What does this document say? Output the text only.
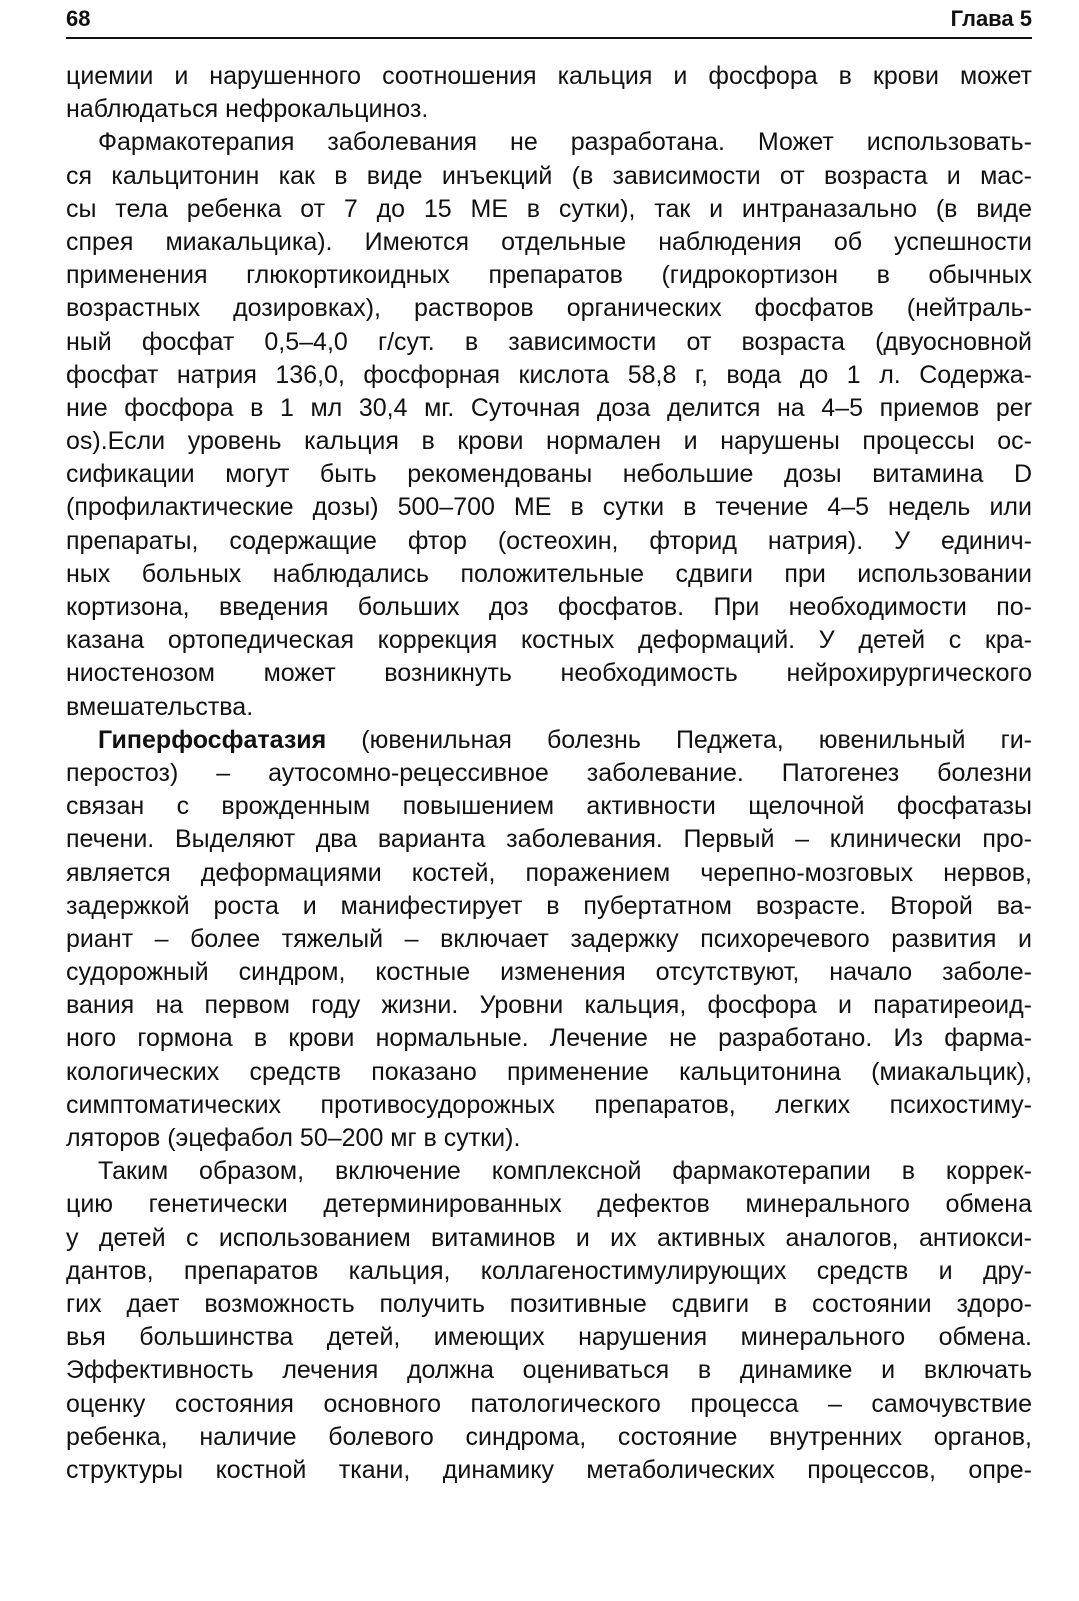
68	Глава 5
циемии и нарушенного соотношения кальция и фосфора в крови может
наблюдаться нефрокальциноз.
Фармакотерапия заболевания не разработана. Может использовать-
ся кальцитонин как в виде инъекций (в зависимости от возраста и мас-
сы тела ребенка от 7 до 15 МЕ в сутки), так и интраназально (в виде
спрея миакальцика). Имеются отдельные наблюдения об успешности
применения глюкортикоидных препаратов (гидрокортизон в обычных
возрастных дозировках), растворов органических фосфатов (нейтраль-
ный фосфат 0,5–4,0 г/сут. в зависимости от возраста (двуосновной
фосфат натрия 136,0, фосфорная кислота 58,8 г, вода до 1 л. Содержа-
ние фосфора в 1 мл 30,4 мг. Суточная доза делится на 4–5 приемов per
os).Если уровень кальция в крови нормален и нарушены процессы ос-
сификации могут быть рекомендованы небольшие дозы витамина D
(профилактические дозы) 500–700 МЕ в сутки в течение 4–5 недель или
препараты, содержащие фтор (остеохин, фторид натрия). У единич-
ных больных наблюдались положительные сдвиги при использовании
кортизона, введения больших доз фосфатов. При необходимости по-
казана ортопедическая коррекция костных деформаций. У детей с кра-
ниостенозом может возникнуть необходимость нейрохирургического
вмешательства.
Гиперфосфатазия (ювенильная болезнь Педжета, ювенильный ги-
перостоз) – аутосомно-рецессивное заболевание. Патогенез болезни
связан с врожденным повышением активности щелочной фосфатазы
печени. Выделяют два варианта заболевания. Первый – клинически про-
является деформациями костей, поражением черепно-мозговых нервов,
задержкой роста и манифестирует в пубертатном возрасте. Второй ва-
риант – более тяжелый – включает задержку психоречевого развития и
судорожный синдром, костные изменения отсутствуют, начало заболе-
вания на первом году жизни. Уровни кальция, фосфора и паратиреоид-
ного гормона в крови нормальные. Лечение не разработано. Из фарма-
кологических средств показано применение кальцитонина (миакальцик),
симптоматических противосудорожных препаратов, легких психостиму-
ляторов (эцефабол 50–200 мг в сутки).
Таким образом, включение комплексной фармакотерапии в коррек-
цию генетически детерминированных дефектов минерального обмена
у детей с использованием витаминов и их активных аналогов, антиокси-
дантов, препаратов кальция, коллагеностимулирующих средств и дру-
гих дает возможность получить позитивные сдвиги в состоянии здоро-
вья большинства детей, имеющих нарушения минерального обмена.
Эффективность лечения должна оцениваться в динамике и включать
оценку состояния основного патологического процесса – самочувствие
ребенка, наличие болевого синдрома, состояние внутренних органов,
структуры костной ткани, динамику метаболических процессов, опре-
